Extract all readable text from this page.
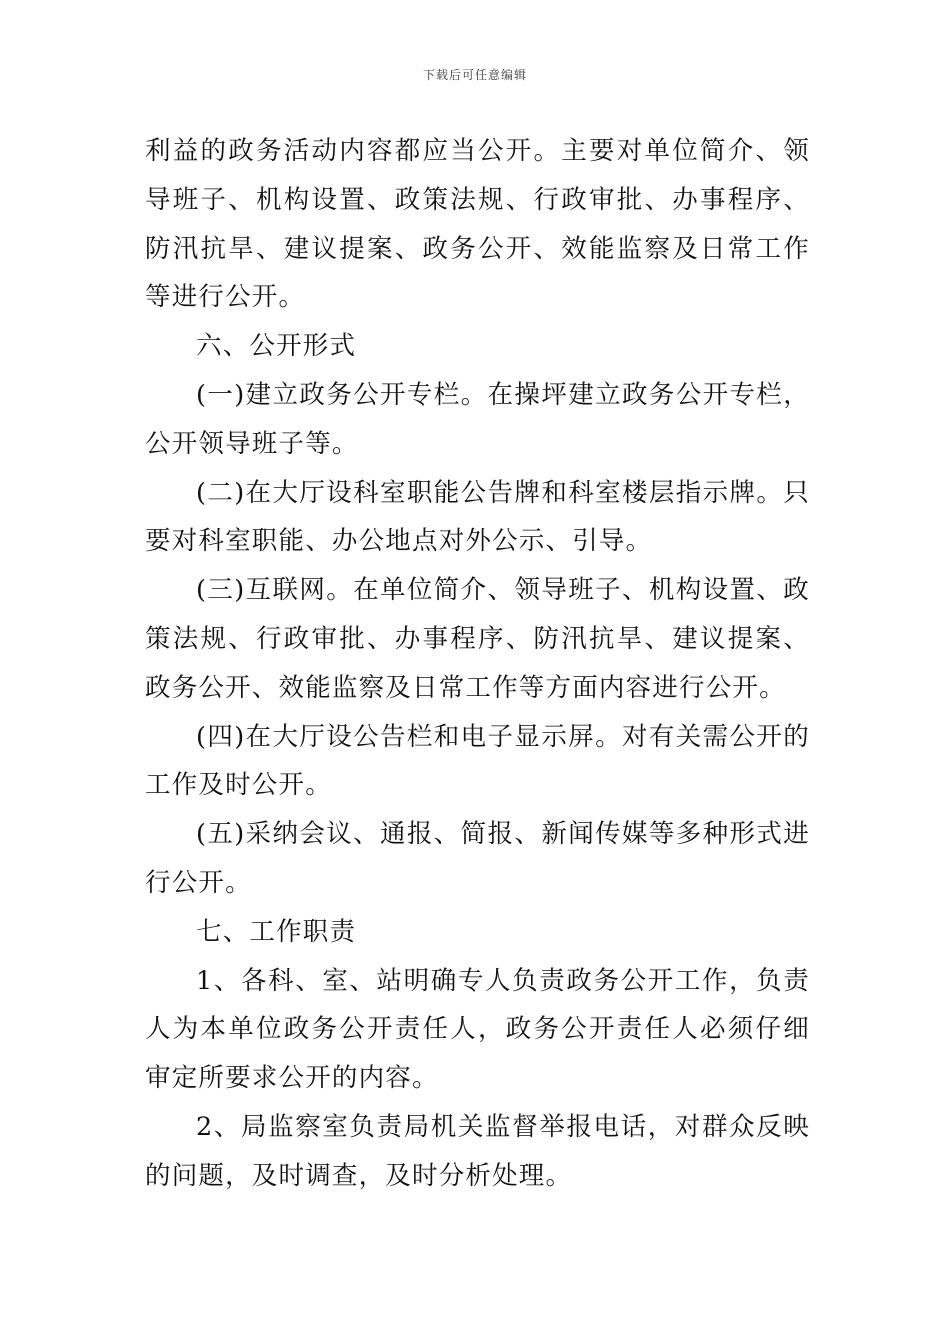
下载后可任意编辑

利益的政务活动内容都应当公开。主要对单位简介、领导班子、机构设置、政策法规、行政审批、办事程序、防汛抗旱、建议提案、政务公开、效能监察及日常工作等进行公开。

六、公开形式

(一)建立政务公开专栏。在操坪建立政务公开专栏，公开领导班子等。

(二)在大厅设科室职能公告牌和科室楼层指示牌。只要对科室职能、办公地点对外公示、引导。

(三)互联网。在单位简介、领导班子、机构设置、政策法规、行政审批、办事程序、防汛抗旱、建议提案、政务公开、效能监察及日常工作等方面内容进行公开。

(四)在大厅设公告栏和电子显示屏。对有关需公开的工作及时公开。

(五)采纳会议、通报、简报、新闻传媒等多种形式进行公开。

七、工作职责

1、各科、室、站明确专人负责政务公开工作，负责人为本单位政务公开责任人，政务公开责任人必须仔细审定所要求公开的内容。

2、局监察室负责局机关监督举报电话，对群众反映的问题，及时调查，及时分析处理。
